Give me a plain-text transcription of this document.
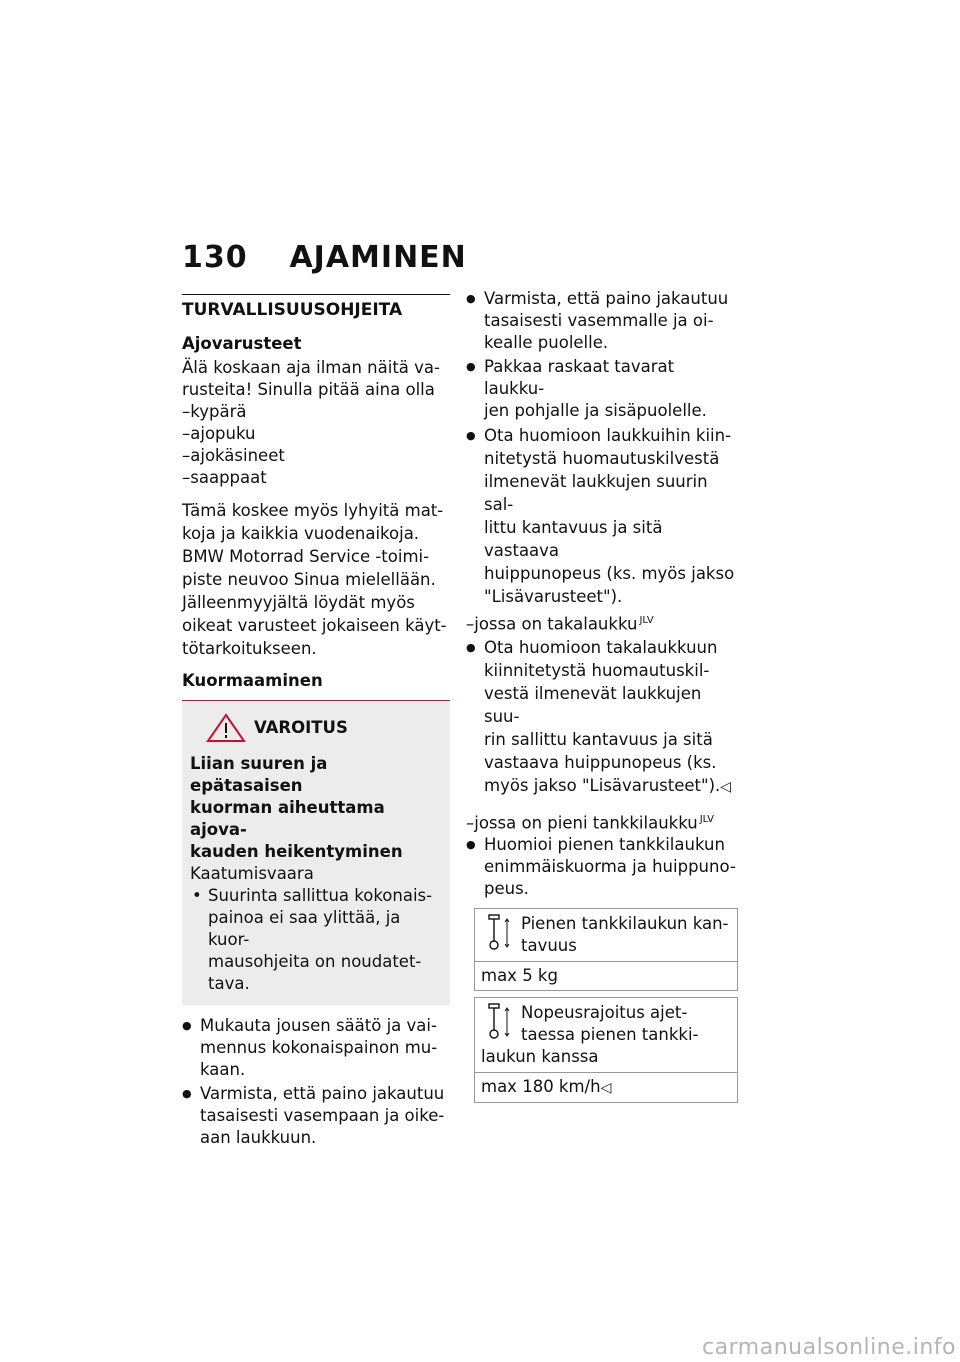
130 AJAMINEN
TURVALLISUUSOHJEITA
Ajovarusteet
Älä koskaan aja ilman näitä va-
rusteita! Sinulla pitää aina olla
–kypärä
–ajopuku
–ajokäsineet
–saappaat
Tämä koskee myös lyhyitä mat-
koja ja kaikkia vuodenaikoja.
BMW Motorrad Service -toimi-
piste neuvoo Sinua mielellään.
Jälleenmyyjältä löydät myös
oikeat varusteet jokaiseen käyt-
tötarkoitukseen.
Kuormaaminen
VAROITUS
Liian suuren ja epätasaisen
kuorman aiheuttama ajova-
kauden heikentyminen
Kaatumisvaara
• Suurinta sallittua kokonais-
painoa ei saa ylittää, ja kuor-
mausohjeita on noudatet-
tava.
● Mukauta jousen säätö ja vai-
mennus kokonaispainon mu-
kaan.
● Varmista, että paino jakautuu
tasaisesti vasempaan ja oike-
aan laukkuun.
● Varmista, että paino jakautuu
tasaisesti vasemmalle ja oi-
kealle puolelle.
● Pakkaa raskaat tavarat laukku-
jen pohjalle ja sisäpuolelle.
● Ota huomioon laukkuihin kiin-
nitetystä huomautuskilvestä
ilmenevät laukkujen suurin sal-
littu kantavuus ja sitä vastaava
huippunopeus (ks. myös jakso
"Lisävarusteet").
–jossa on takalaukku $^{JLV}$
● Ota huomioon takalaukkuun
kiinnitetystä huomautuskil-
vestä ilmenevät laukkujen suu-
rin sallittu kantavuus ja sitä
vastaava huippunopeus (ks.
myös jakso "Lisävarusteet").◁
–jossa on pieni tankkilaukku $^{JLV}$
● Huomioi pienen tankkilaukun
enimmäiskuorma ja huippuno-
peus.
Pienen tankkilaukun kan-
tavuus
max 5 kg
Nopeusrajoitus ajet-
taessa pienen tankki-
laukun kanssa
max 180 km/h◁
carmanualsonline.info
